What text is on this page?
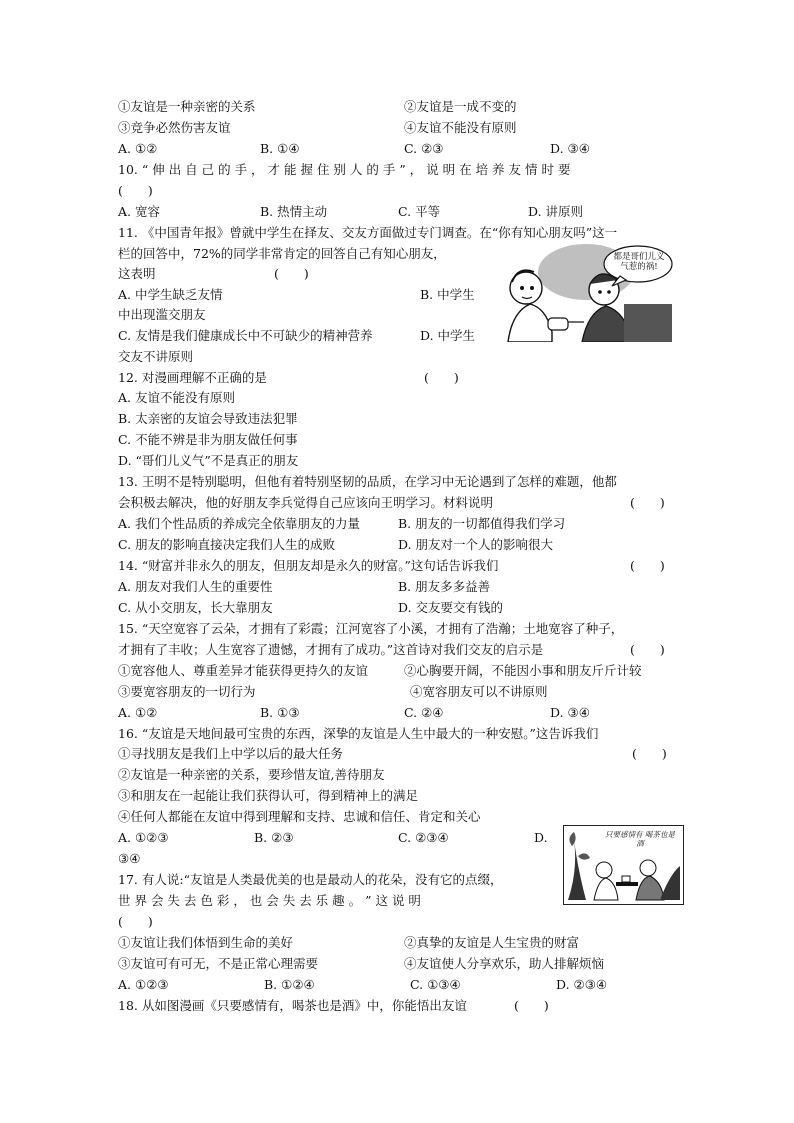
①友谊是一种亲密的关系	②友谊是一成不变的
③竞争必然伤害友谊	④友谊不能没有原则
A. ①②	B. ①④	C. ②③	D. ③④
10. “ 伸 出 自 己 的 手 ， 才 能 握 住 别 人 的 手 ” ， 说 明 在 培 养 友 情 时 要
(　　)
A. 宽容	B. 热情主动	C. 平等	D. 讲原则
11. 《中国青年报》曾就中学生在择友、交友方面做过专门调查。在“你有知心朋友吗”这一
栏的回答中，72%的同学非常肯定的回答自己有知心朋友，
这表明	(　　)
A. 中学生缺乏友情	B. 中学生
中出现滥交朋友
C. 友情是我们健康成长中不可缺少的精神营养	D. 中学生
交友不讲原则
都是哥们儿义气惹的祸!
12. 对漫画理解不正确的是	(　　)
A. 友谊不能没有原则
B. 太亲密的友谊会导致违法犯罪
C. 不能不辨是非为朋友做任何事
D. “哥们儿义气”不是真正的朋友
13. 王明不是特别聪明，但他有着特别坚韧的品质，在学习中无论遇到了怎样的难题，他都
会积极去解决，他的好朋友李兵觉得自己应该向王明学习。材料说明	(　　)
A. 我们个性品质的养成完全依靠朋友的力量	B. 朋友的一切都值得我们学习
C. 朋友的影响直接决定我们人生的成败	D. 朋友对一个人的影响很大
14. “财富并非永久的朋友，但朋友却是永久的财富。”这句话告诉我们	(　　)
A. 朋友对我们人生的重要性	B. 朋友多多益善
C. 从小交朋友，长大靠朋友	D. 交友要交有钱的
15. “天空宽容了云朵，才拥有了彩霞；江河宽容了小溪，才拥有了浩瀚；土地宽容了种子，
才拥有了丰收；人生宽容了遗憾，才拥有了成功。”这首诗对我们交友的启示是	(　　)
①宽容他人、尊重差异才能获得更持久的友谊	②心胸要开阔，不能因小事和朋友斤斤计较
③要宽容朋友的一切行为	④宽容朋友可以不讲原则
A. ①②	B. ①③	C. ②④	D. ③④
16. “友谊是天地间最可宝贵的东西，深挚的友谊是人生中最大的一种安慰。”这告诉我们
(　　)
①寻找朋友是我们上中学以后的最大任务
②友谊是一种亲密的关系，要珍惜友谊,善待朋友
③和朋友在一起能让我们获得认可，得到精神上的满足
④任何人都能在友谊中得到理解和支持、忠诚和信任、肯定和关心
A. ①②③	B. ②③	C. ②③④	D.
③④
只要感情有 喝茶也是酒
17. 有人说:“友谊是人类最优美的也是最动人的花朵，没有它的点缀，
世 界 会 失 去 色 彩 ， 也 会 失 去 乐 趣 。 ” 这 说 明
(　　)
①友谊让我们体悟到生命的美好	②真挚的友谊是人生宝贵的财富
③友谊可有可无，不是正常心理需要	④友谊使人分享欢乐，助人排解烦恼
A. ①②③	B. ①②④	C. ①③④	D. ②③④
18. 从如图漫画《只要感情有，喝茶也是酒》中，你能悟出友谊	(　　)
